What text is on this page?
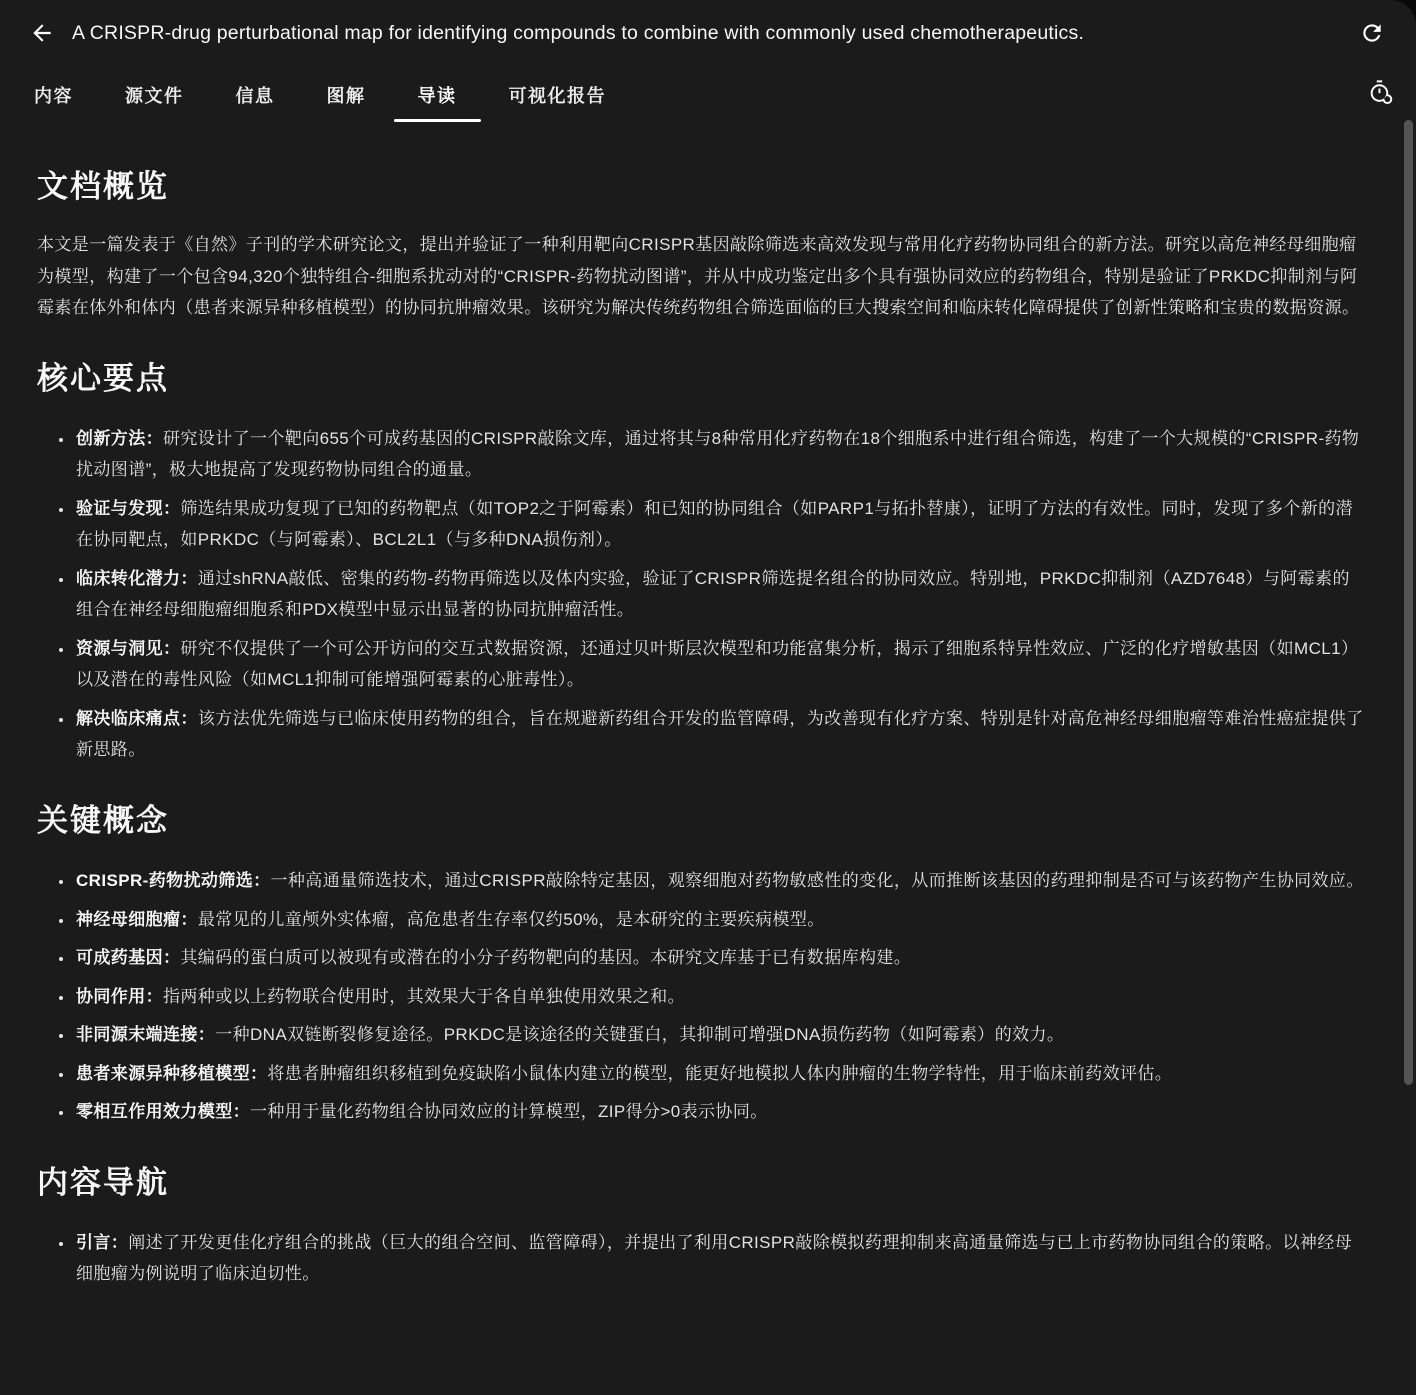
A CRISPR-drug perturbational map for identifying compounds to combine with commonly used chemotherapeutics.
内容	源文件	信息	图解	导读	可视化报告
文档概览

本文是一篇发表于《自然》子刊的学术研究论文，提出并验证了一种利用靶向CRISPR基因敲除筛选来高效发现与常用化疗药物协同组合的新方法。研究以高危神经母细胞瘤为模型，构建了一个包含94,320个独特组合-细胞系扰动对的“CRISPR-药物扰动图谱”，并从中成功鉴定出多个具有强协同效应的药物组合，特别是验证了PRKDC抑制剂与阿霉素在体外和体内（患者来源异种移植模型）的协同抗肿瘤效果。该研究为解决传统药物组合筛选面临的巨大搜索空间和临床转化障碍提供了创新性策略和宝贵的数据资源。

核心要点
• 创新方法：研究设计了一个靶向655个可成药基因的CRISPR敲除文库，通过将其与8种常用化疗药物在18个细胞系中进行组合筛选，构建了一个大规模的“CRISPR-药物扰动图谱”，极大地提高了发现药物协同组合的通量。
• 验证与发现：筛选结果成功复现了已知的药物靶点（如TOP2之于阿霉素）和已知的协同组合（如PARP1与拓扑替康），证明了方法的有效性。同时，发现了多个新的潜在协同靶点，如PRKDC（与阿霉素）、BCL2L1（与多种DNA损伤剂）。
• 临床转化潜力：通过shRNA敲低、密集的药物-药物再筛选以及体内实验，验证了CRISPR筛选提名组合的协同效应。特别地，PRKDC抑制剂（AZD7648）与阿霉素的组合在神经母细胞瘤细胞系和PDX模型中显示出显著的协同抗肿瘤活性。
• 资源与洞见：研究不仅提供了一个可公开访问的交互式数据资源，还通过贝叶斯层次模型和功能富集分析，揭示了细胞系特异性效应、广泛的化疗增敏基因（如MCL1）以及潜在的毒性风险（如MCL1抑制可能增强阿霉素的心脏毒性）。
• 解决临床痛点：该方法优先筛选与已临床使用药物的组合，旨在规避新药组合开发的监管障碍，为改善现有化疗方案、特别是针对高危神经母细胞瘤等难治性癌症提供了新思路。
关键概念
• CRISPR-药物扰动筛选：一种高通量筛选技术，通过CRISPR敲除特定基因，观察细胞对药物敏感性的变化，从而推断该基因的药理抑制是否可与该药物产生协同效应。
• 神经母细胞瘤：最常见的儿童颅外实体瘤，高危患者生存率仅约50%，是本研究的主要疾病模型。
• 可成药基因：其编码的蛋白质可以被现有或潜在的小分子药物靶向的基因。本研究文库基于已有数据库构建。
• 协同作用：指两种或以上药物联合使用时，其效果大于各自单独使用效果之和。
• 非同源末端连接：一种DNA双链断裂修复途径。PRKDC是该途径的关键蛋白，其抑制可增强DNA损伤药物（如阿霉素）的效力。
• 患者来源异种移植模型：将患者肿瘤组织移植到免疫缺陷小鼠体内建立的模型，能更好地模拟人体内肿瘤的生物学特性，用于临床前药效评估。
• 零相互作用效力模型：一种用于量化药物组合协同效应的计算模型，ZIP得分>0表示协同。
内容导航
• 引言：阐述了开发更佳化疗组合的挑战（巨大的组合空间、监管障碍），并提出了利用CRISPR敲除模拟药理抑制来高通量筛选与已上市药物协同组合的策略。以神经母细胞瘤为例说明了临床迫切性。
